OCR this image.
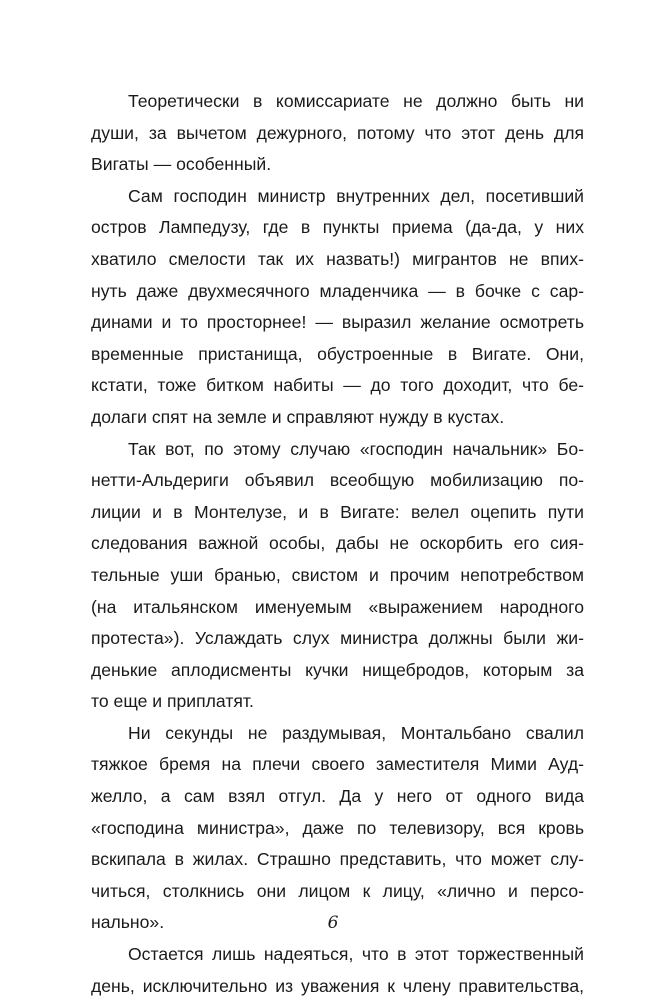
Теоретически в комиссариате не должно быть ни
души, за вычетом дежурного, потому что этот день для
Вигаты — особенный.
Сам господин министр внутренних дел, посетивший
остров Лампедузу, где в пункты приема (да-да, у них
хватило смелости так их назвать!) мигрантов не впих-
нуть даже двухмесячного младенчика — в бочке с сар-
динами и то просторнее! — выразил желание осмотреть
временные пристанища, обустроенные в Вигате. Они,
кстати, тоже битком набиты — до того доходит, что бе-
долаги спят на земле и справляют нужду в кустах.
Так вот, по этому случаю «господин начальник» Бо-
нетти-Альдериги объявил всеобщую мобилизацию по-
лиции и в Монтелузе, и в Вигате: велел оцепить пути
следования важной особы, дабы не оскорбить его сия-
тельные уши бранью, свистом и прочим непотребством
(на итальянском именуемым «выражением народного
протеста»). Услаждать слух министра должны были жи-
денькие аплодисменты кучки нищебродов, которым за
то еще и приплатят.
Ни секунды не раздумывая, Монтальбано свалил
тяжкое бремя на плечи своего заместителя Мими Ауд-
желло, а сам взял отгул. Да у него от одного вида
«господина министра», даже по телевизору, вся кровь
вскипала в жилах. Страшно представить, что может слу-
читься, столкнись они лицом к лицу, «лично и персо-
нально».
Остается лишь надеяться, что в этот торжественный
день, исключительно из уважения к члену правительства,
6
